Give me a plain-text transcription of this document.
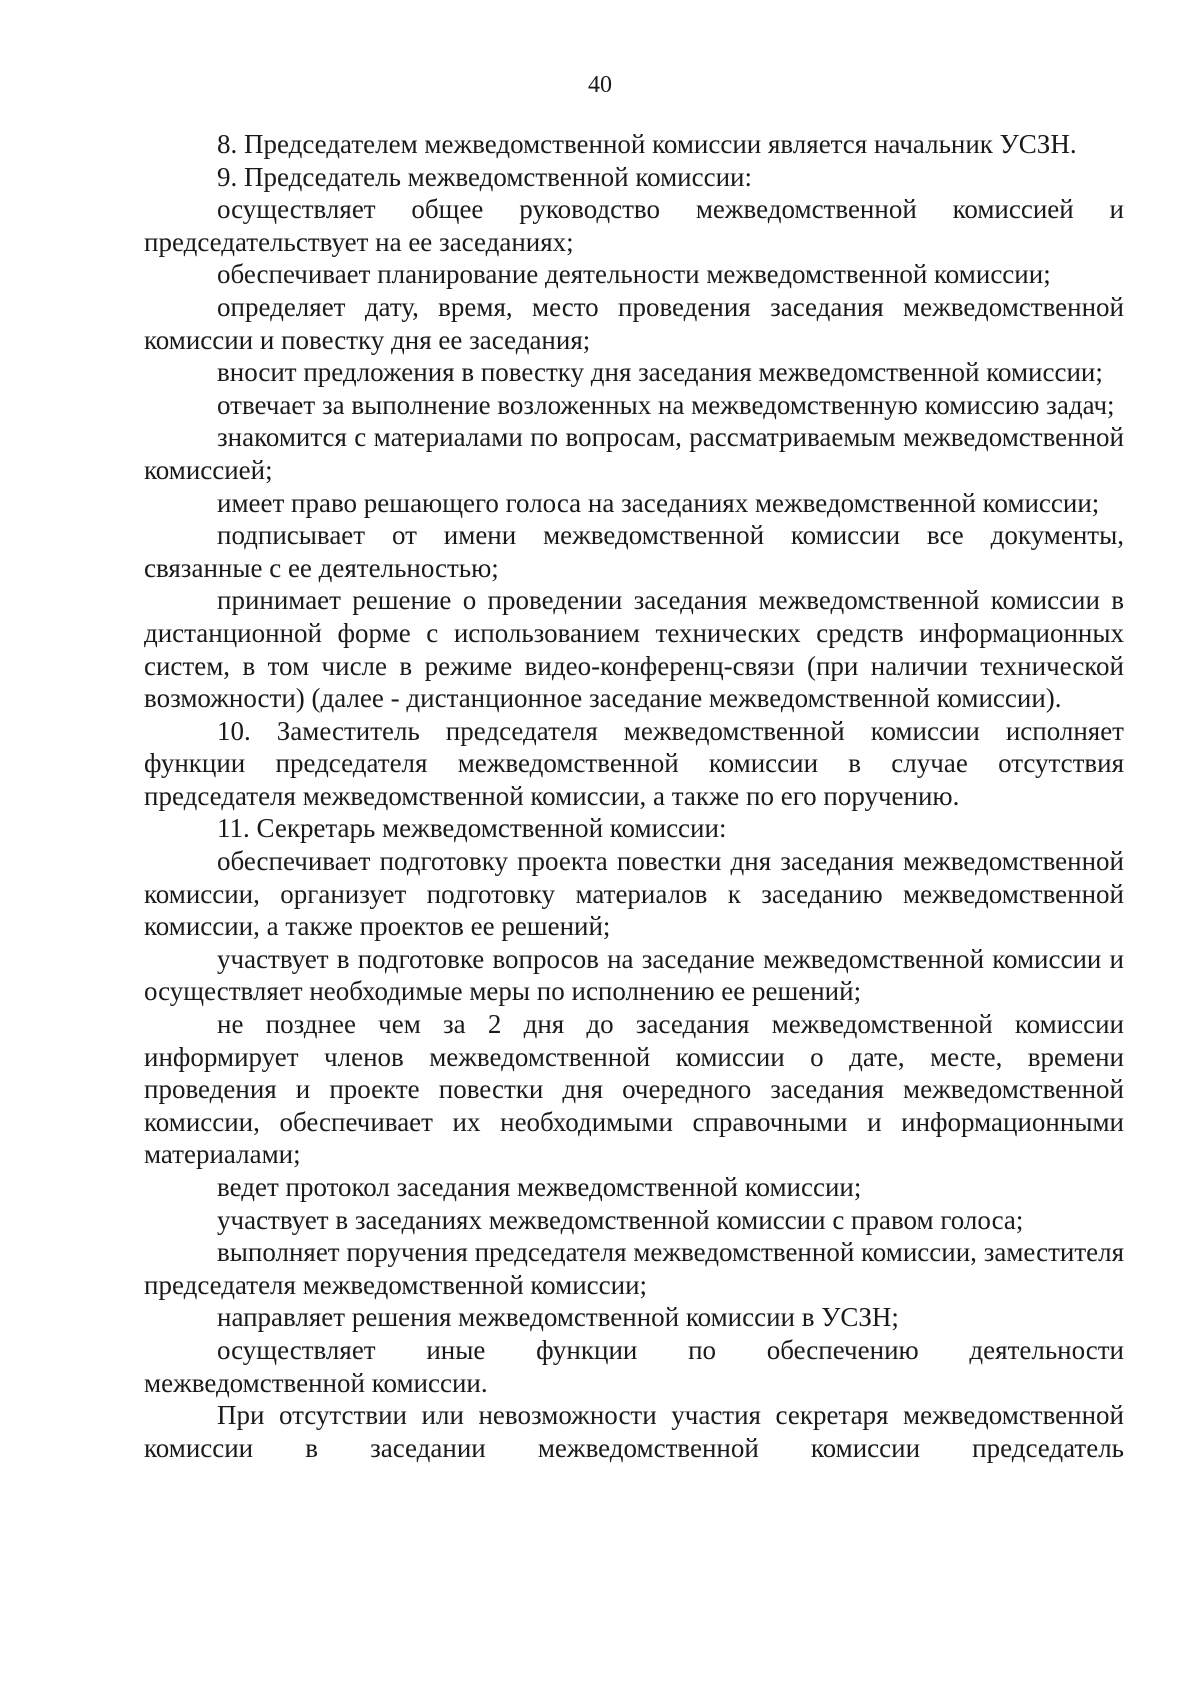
40

8. Председателем межведомственной комиссии является начальник УСЗН.

9. Председатель межведомственной комиссии:

осуществляет общее руководство межведомственной комиссией и председательствует на ее заседаниях;

обеспечивает планирование деятельности межведомственной комиссии;

определяет дату, время, место проведения заседания межведомственной комиссии и повестку дня ее заседания;

вносит предложения в повестку дня заседания межведомственной комиссии;

отвечает за выполнение возложенных на межведомственную комиссию задач;

знакомится с материалами по вопросам, рассматриваемым межведомственной комиссией;

имеет право решающего голоса на заседаниях межведомственной комиссии;

подписывает от имени межведомственной комиссии все документы, связанные с ее деятельностью;

принимает решение о проведении заседания межведомственной комиссии в дистанционной форме с использованием технических средств информационных систем, в том числе в режиме видео-конференц-связи (при наличии технической возможности) (далее - дистанционное заседание межведомственной комиссии).

10. Заместитель председателя межведомственной комиссии исполняет функции председателя межведомственной комиссии в случае отсутствия председателя межведомственной комиссии, а также по его поручению.

11. Секретарь межведомственной комиссии:

обеспечивает подготовку проекта повестки дня заседания межведомственной комиссии, организует подготовку материалов к заседанию межведомственной комиссии, а также проектов ее решений;

участвует в подготовке вопросов на заседание межведомственной комиссии и осуществляет необходимые меры по исполнению ее решений;

не позднее чем за 2 дня до заседания межведомственной комиссии информирует членов межведомственной комиссии о дате, месте, времени проведения и проекте повестки дня очередного заседания межведомственной комиссии, обеспечивает их необходимыми справочными и информационными материалами;

ведет протокол заседания межведомственной комиссии;

участвует в заседаниях межведомственной комиссии с правом голоса;

выполняет поручения председателя межведомственной комиссии, заместителя председателя межведомственной комиссии;

направляет решения межведомственной комиссии в УСЗН;

осуществляет иные функции по обеспечению деятельности межведомственной комиссии.

При отсутствии или невозможности участия секретаря межведомственной комиссии в заседании межведомственной комиссии председатель
